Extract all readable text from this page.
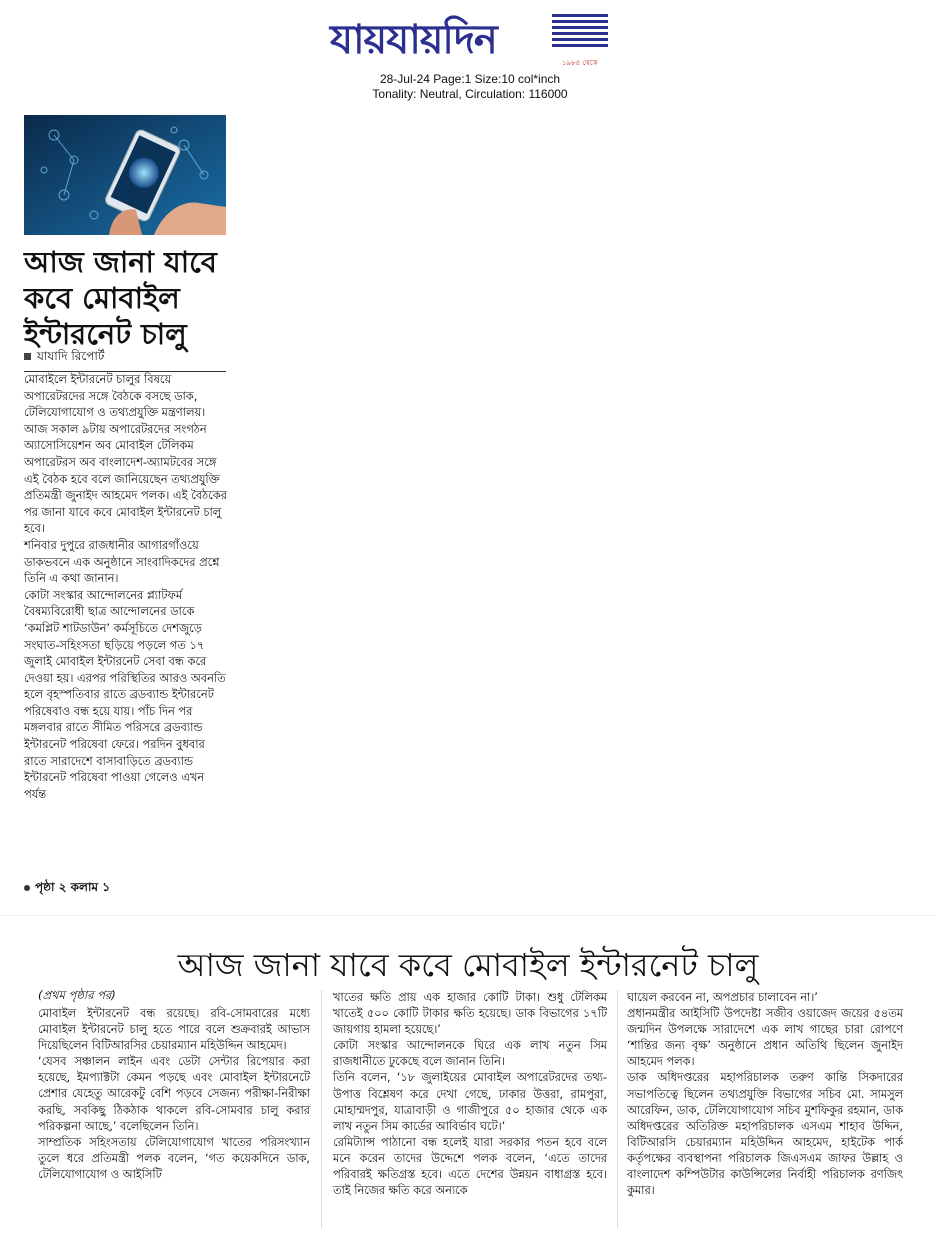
যায়যায়দিন	১৯৮৪ থেকে
28-Jul-24 Page:1 Size:10 col*inch
Tonality: Neutral, Circulation: 116000
আজ জানা যাবে
কবে মোবাইল
ইন্টারনেট চালু
যাযাদি রিপোর্ট

মোবাইলে ইন্টারনেট চালুর বিষয়ে অপারেটরদের সঙ্গে বৈঠকে বসছে ডাক, টেলিযোগাযোগ ও তথ্যপ্রযুক্তি মন্ত্রণালয়।

আজ সকাল ৯টায় অপারেটরদের সংগঠন অ্যাসোসিয়েশন অব মোবাইল টেলিকম অপারেটরস অব বাংলাদেশ-অ্যামটবের সঙ্গে এই বৈঠক হবে বলে জানিয়েছেন তথ্যপ্রযুক্তি প্রতিমন্ত্রী জুনাইদ আহমেদ পলক। এই বৈঠকের পর জানা যাবে কবে মোবাইল ইন্টারনেট চালু হবে।

শনিবার দুপুরে রাজধানীর আগারগাঁওয়ে ডাকভবনে এক অনুষ্ঠানে সাংবাদিকদের প্রশ্নে তিনি এ কথা জানান।

কোটা সংস্কার আন্দোলনের প্ল্যাটফর্ম বৈষম্যবিরোধী ছাত্র আন্দোলনের ডাকে ‘কমপ্লিট শাটডাউন’ কর্মসূচিতে দেশজুড়ে সংঘাত-সহিংসতা ছড়িয়ে পড়লে গত ১৭ জুলাই মোবাইল ইন্টারনেট সেবা বন্ধ করে দেওয়া হয়। এরপর পরিস্থিতির আরও অবনতি হলে বৃহস্পতিবার রাতে ব্রডব্যান্ড ইন্টারনেট পরিষেবাও বন্ধ হয়ে যায়। পাঁচ দিন পর মঙ্গলবার রাতে সীমিত পরিসরে ব্রডব্যান্ড ইন্টারনেট পরিষেবা ফেরে। পরদিন বুধবার রাতে সারাদেশে বাসাবাড়িতে ব্রডব্যান্ড ইন্টারনেট পরিষেবা পাওয়া গেলেও এখন পর্যন্ত

পৃষ্ঠা ২ কলাম ১
আজ জানা যাবে কবে মোবাইল ইন্টারনেট চালু
(প্রথম পৃষ্ঠার পর)

মোবাইল ইন্টারনেট বন্ধ রয়েছে। রবি-সোমবারের মধ্যে মোবাইল ইন্টারনেট চালু হতে পারে বলে শুক্রবারই আভাস দিয়েছিলেন বিটিআরসির চেয়ারম্যান মহিউদ্দিন আহমেদ।

‘যেসব সঞ্চালন লাইন এবং ডেটা সেন্টার রিপেয়ার করা হয়েছে, ইমপ্যাক্টটা কেমন পড়ছে এবং মোবাইল ইন্টারনেটে প্রেশার যেহেতু আরেকটু বেশি পড়বে সেজন্য পরীক্ষা-নিরীক্ষা করছি, সবকিছু ঠিকঠাক থাকলে রবি-সোমবার চালু করার পরিকল্পনা আছে,’ বলেছিলেন তিনি।

সাম্প্রতিক সহিংসতায় টেলিযোগাযোগ খাতের পরিসংখ্যান তুলে ধরে প্রতিমন্ত্রী পলক বলেন, ‘গত কয়েকদিনে ডাক, টেলিযোগাযোগ ও আইসিটি

খাতের ক্ষতি প্রায় এক হাজার কোটি টাকা। শুধু টেলিকম খাতেই ৫০০ কোটি টাকার ক্ষতি হয়েছে। ডাক বিভাগের ১৭টি জায়গায় হামলা হয়েছে।’

কোটা সংস্কার আন্দোলনকে ঘিরে এক লাখ নতুন সিম রাজধানীতে ঢুকেছে বলে জানান তিনি।

তিনি বলেন, ‘১৮ জুলাইয়ের মোবাইল অপারেটরদের তথ্য-উপাত্ত বিশ্লেষণ করে দেখা গেছে, ঢাকার উত্তরা, রামপুরা, মোহাম্মদপুর, যাত্রাবাড়ী ও গাজীপুরে ৫০ হাজার থেকে এক লাখ নতুন সিম কার্ডের আবির্ভাব ঘটে।’

রেমিট্যান্স পাঠানো বন্ধ হলেই যারা সরকার পতন হবে বলে মনে করেন তাদের উদ্দেশে পলক বলেন, ‘এতে তাদের পরিবারই ক্ষতিগ্রস্ত হবে। এতে দেশের উন্নয়ন বাধাগ্রস্ত হবে। তাই নিজের ক্ষতি করে অন্যকে

ঘায়েল করবেন না, অপপ্রচার চালাবেন না।’

প্রধানমন্ত্রীর আইসিটি উপদেষ্টা সজীব ওয়াজেদ জয়ের ৫৪তম জন্মদিন উপলক্ষে সারাদেশে এক লাখ গাছের চারা রোপণে ‘শান্তির জন্য বৃক্ষ’ অনুষ্ঠানে প্রধান অতিথি ছিলেন জুনাইদ আহমেদ পলক।

ডাক অধিদপ্তরের মহাপরিচালক তরুণ কান্তি সিকদারের সভাপতিত্বে ছিলেন তথ্যপ্রযুক্তি বিভাগের সচিব মো. সামসুল আরেফিন, ডাক, টেলিযোগাযোগ সচিব মুশফিকুর রহমান, ডাক অধিদপ্তরের অতিরিক্ত মহাপরিচালক এসএম শাহাব উদ্দিন, বিটিআরসি চেয়ারম্যান মহিউদ্দিন আহমেদ, হাইটেক পার্ক কর্তৃপক্ষের ব্যবস্থাপনা পরিচালক জিএসএম জাফর উল্লাহ ও বাংলাদেশ কম্পিউটার কাউন্সিলের নির্বাহী পরিচালক রণজিৎ কুমার।
